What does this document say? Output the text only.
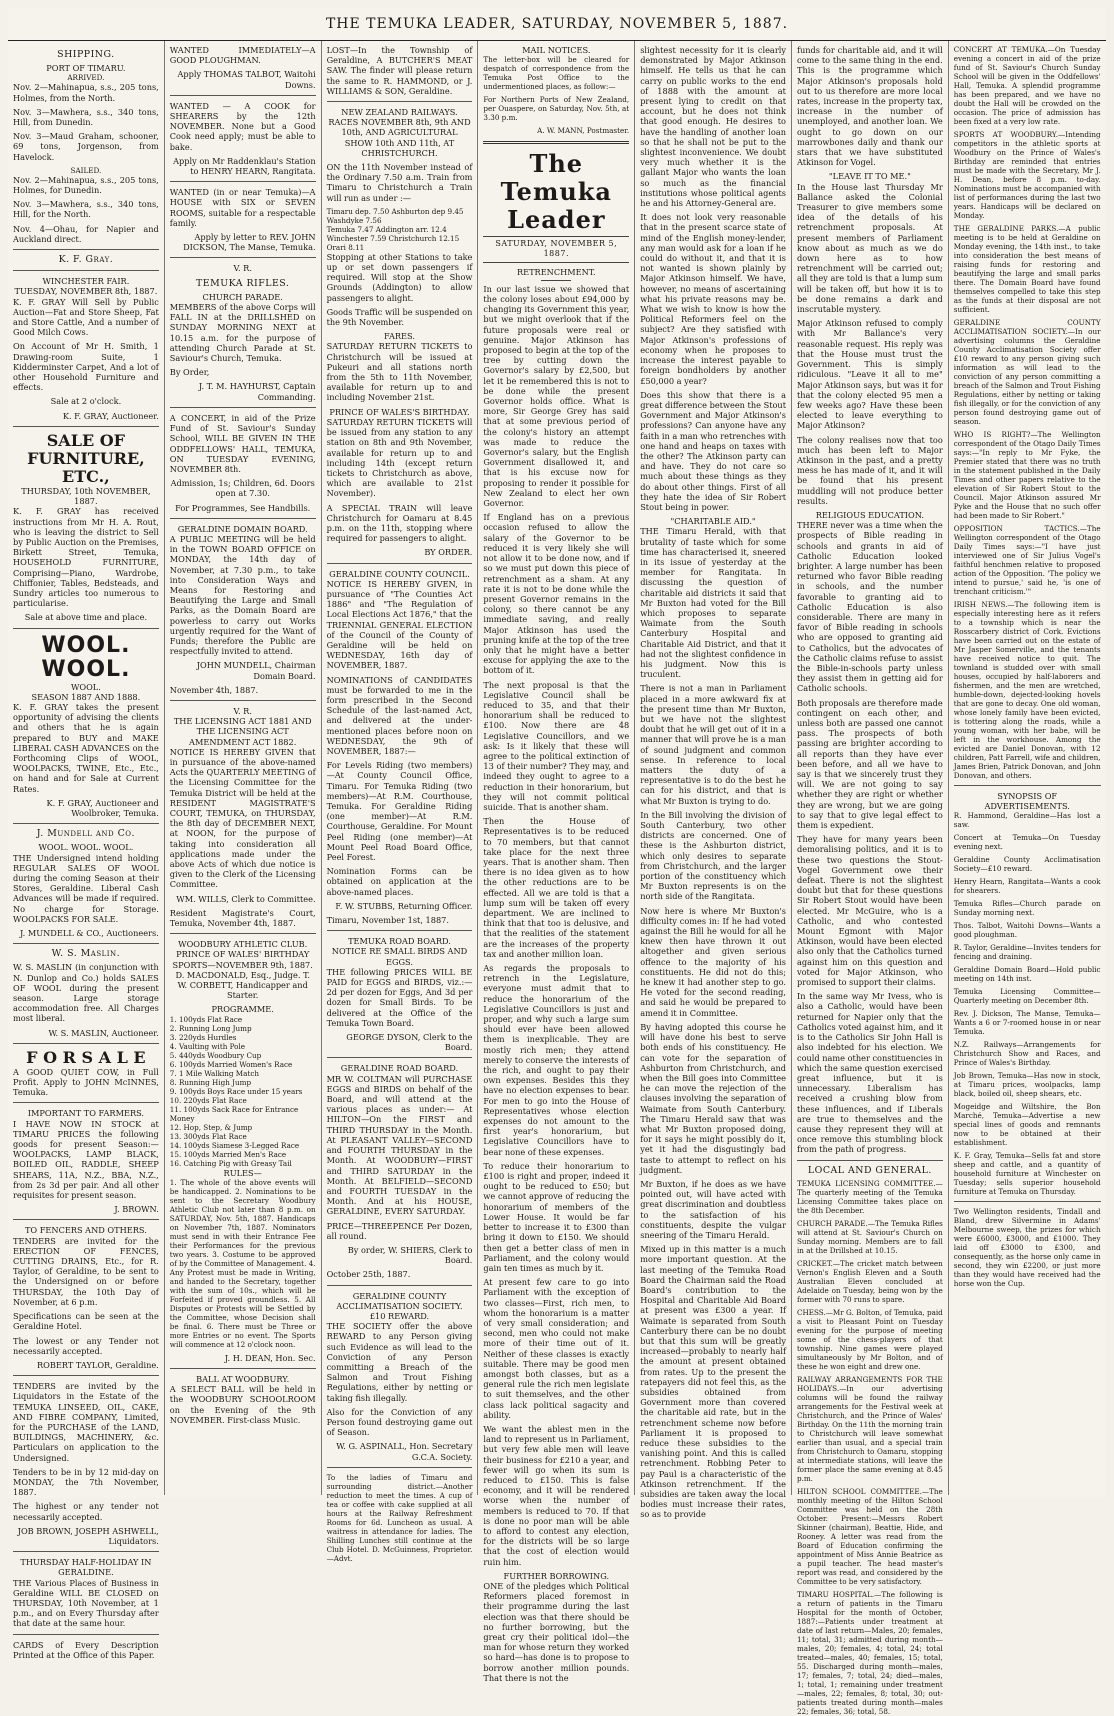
THE TEMUKA LEADER, SATURDAY, NOVEMBER 5, 1887.
SHIPPING.
PORT OF TIMARU.
ARRIVED.

Nov. 2—Mahinapua, s.s., 205 tons, Holmes, from the North.

Nov. 3—Mawhera, s.s., 340 tons, Hill, from Dunedin.

Nov. 3—Maud Graham, schooner, 69 tons, Jorgenson, from Havelock.

SAILED.

Nov. 2—Mahinapua, s.s., 205 tons, Holmes, for Dunedin.

Nov. 3—Mawhera, s.s., 340 tons, Hill, for the North.

Nov. 4—Ohau, for Napier and Auckland direct.

K. F. Gray.
WINCHESTER FAIR.
TUESDAY, NOVEMBER 8th, 1887.

K. F. GRAY Will Sell by Public Auction—Fat and Store Sheep, Fat and Store Cattle, And a number of Good Milch Cows.

On Account of Mr H. Smith, 1 Drawing-room Suite, 1 Kidderminster Carpet, And a lot of other Household Furniture and effects.

Sale at 2 o'clock.

K. F. GRAY, Auctioneer.

SALE OF FURNITURE, ETC.,
THURSDAY, 10th NOVEMBER, 1887.

K. F. GRAY has received instructions from Mr H. A. Rout, who is leaving the district to Sell by Public Auction on the Premises, Birkett Street, Temuka, HOUSEHOLD FURNITURE, Comprising—Piano, Wardrobe, Chiffonier, Tables, Bedsteads, and Sundry articles too numerous to particularise.

Sale at above time and place.

WOOL. WOOL.
WOOL.
SEASON 1887 AND 1888.

K. F. GRAY takes the present opportunity of advising the clients and others that he is again prepared to BUY and MAKE LIBERAL CASH ADVANCES on the Forthcoming Clips of WOOL, WOOLPACKS, TWINE, Etc., Etc., on hand and for Sale at Current Rates.

K. F. GRAY, Auctioneer and Woolbroker, Temuka.

J. Mundell and Co.
WOOL. WOOL. WOOL.

THE Undersigned intend holding REGULAR SALES OF WOOL during the coming Season at their Stores, Geraldine. Liberal Cash Advances will be made if required. No charge for Storage. WOOLPACKS FOR SALE.

J. MUNDELL & CO., Auctioneers.

W. S. Maslin.

W. S. MASLIN (in conjunction with N. Dunlop and Co.) holds SALES OF WOOL during the present season. Large storage accommodation free. All Charges most liberal.

W. S. MASLIN, Auctioneer.

F O R S A L E

A GOOD QUIET COW, in Full Profit. Apply to JOHN McINNES, Temuka.

IMPORTANT TO FARMERS.

I HAVE NOW IN STOCK at TIMARU PRICES the following goods for present Season:— WOOLPACKS, LAMP BLACK, BOILED OIL, RADDLE, SHEEP SHEARS, 11A, N.Z., BBA, N.Z., from 2s 3d per pair. And all other requisites for present season.

J. BROWN.

TO FENCERS AND OTHERS.

TENDERS are invited for the ERECTION OF FENCES, CUTTING DRAINS, Etc., for R. Taylor, of Geraldine, to be sent to the Undersigned on or before THURSDAY, the 10th Day of November, at 6 p.m.

Specifications can be seen at the Geraldine Hotel.

The lowest or any Tender not necessarily accepted.

ROBERT TAYLOR, Geraldine.

TENDERS are invited by the Liquidators in the Estate of the TEMUKA LINSEED, OIL, CAKE, AND FIBRE COMPANY, Limited, for the PURCHASE of the LAND, BUILDINGS, MACHINERY, &c. Particulars on application to the Undersigned.

Tenders to be in by 12 mid-day on MONDAY, the 7th November, 1887.

The highest or any tender not necessarily accepted.

JOB BROWN, JOSEPH ASHWELL, Liquidators.

THURSDAY HALF-HOLIDAY IN GERALDINE.

THE Various Places of Business in Geraldine WILL BE CLOSED on THURSDAY, 10th November, at 1 p.m., and on Every Thursday after that date at the same hour.

CARDS of Every Description Printed at the Office of this Paper.

WANTED IMMEDIATELY—A GOOD PLOUGHMAN.

Apply THOMAS TALBOT, Waitohi Downs.

WANTED — A COOK for SHEARERS by the 12th NOVEMBER. None but a Good Cook need apply; must be able to bake.

Apply on Mr Raddenklau's Station to HENRY HEARN, Rangitata.

WANTED (in or near Temuka)—A HOUSE with SIX or SEVEN ROOMS, suitable for a respectable family.

Apply by letter to REV. JOHN DICKSON, The Manse, Temuka.

V. R.
TEMUKA RIFLES.
CHURCH PARADE.

MEMBERS of the above Corps will FALL IN at the DRILLSHED on SUNDAY MORNING NEXT at 10.15 a.m. for the purpose of attending Church Parade at St. Saviour's Church, Temuka.

By Order,

J. T. M. HAYHURST, Captain Commanding.

A CONCERT, in aid of the Prize Fund of St. Saviour's Sunday School, WILL BE GIVEN IN THE ODDFELLOWS' HALL, TEMUKA, ON TUESDAY EVENING, NOVEMBER 8th.

Admission, 1s; Children, 6d. Doors open at 7.30.

For Programmes, See Handbills.

GERALDINE DOMAIN BOARD.

A PUBLIC MEETING will be held in the TOWN BOARD OFFICE on MONDAY, the 14th day of November, at 7.30 p.m., to take into Consideration Ways and Means for Restoring and Beautifying the Large and Small Parks, as the Domain Board are powerless to carry out Works urgently required for the Want of Funds; therefore the Public are respectfully invited to attend.

JOHN MUNDELL, Chairman Domain Board.

November 4th, 1887.

V. R.
THE LICENSING ACT 1881 AND THE LICENSING ACT AMENDMENT ACT 1882.

NOTICE IS HEREBY GIVEN that in pursuance of the above-named Acts the QUARTERLY MEETING of the Licensing Committee for the Temuka District will be held at the RESIDENT MAGISTRATE'S COURT, TEMUKA, on THURSDAY, the 8th day of DECEMBER NEXT, at NOON, for the purpose of taking into consideration all applications made under the above Acts of which due notice is given to the Clerk of the Licensing Committee.

WM. WILLS, Clerk to Committee.

Resident Magistrate's Court, Temuka, November 4th, 1887.

WOODBURY ATHLETIC CLUB.
PRINCE OF WALES' BIRTHDAY SPORTS—NOVEMBER 9th, 1887.

D. MACDONALD, Esq., Judge. T. W. CORBETT, Handicapper and Starter.

PROGRAMME.
1. 100yds Flat Race
2. Running Long Jump
3. 220yds Hurdles
4. Vaulting with Pole
5. 440yds Woodbury Cup
6. 100yds Married Women's Race
7. 1 Mile Walking Match
8. Running High Jump
9. 100yds Boys Race under 15 years
10. 220yds Flat Race
11. 100yds Sack Race for Entrance Money
12. Hop, Step, & Jump
13. 300yds Flat Race
14. 100yds Siamese 3-Legged Race
15. 100yds Married Men's Race
16. Catching Pig with Greasy Tail
RULES—

1. The whole of the above events will be handicapped. 2. Nominations to be sent to the Secretary Woodbury Athletic Club not later than 8 p.m. on SATURDAY, Nov. 5th, 1887. Handicaps on November 7th, 1887. Nominators must send in with their Entrance Fee their Performances for the previous two years. 3. Costume to be approved of by the Committee of Management. 4. Any Protest must be made in Writing, and handed to the Secretary, together with the sum of 10s., which will be Forfeited if proved groundless. 5. All Disputes or Protests will be Settled by the Committee, whose Decision shall be final. 6. There must be Three or more Entries or no event. The Sports will commence at 12 o'clock noon.

J. H. DEAN, Hon. Sec.

BALL AT WOODBURY.

A SELECT BALL will be held in the WOODBURY SCHOOLROOM on the Evening of the 9th NOVEMBER. First-class Music.

LOST—In the Township of Geraldine, A BUTCHER'S MEAT SAW. The finder will please return the same to R. HAMMOND, or J. WILLIAMS & SON, Geraldine.

NEW ZEALAND RAILWAYS.

RACES NOVEMBER 8th, 9th AND 10th, AND AGRICULTURAL SHOW 10th AND 11th, AT CHRISTCHURCH.

ON the 11th November instead of the Ordinary 7.50 a.m. Train from Timaru to Christchurch a Train will run as under :—

Timaru dep. 7.50 Ashburton dep 9.45
Washdyke 7.56
Temuka 7.47 Addington arr. 12.4
Winchester 7.59 Christchurch 12.15
Orari 8.11

Stopping at other Stations to take up or set down passengers if required. Will stop at the Show Grounds (Addington) to allow passengers to alight.

Goods Traffic will be suspended on the 9th November.

FARES.

SATURDAY RETURN TICKETS to Christchurch will be issued at Pukeuri and all stations north from the 5th to 11th November, available for return up to and including November 21st.

PRINCE OF WALES'S BIRTHDAY.

SATURDAY RETURN TICKETS will be issued from any station to any station on 8th and 9th November, available for return up to and including 14th (except return tickets to Christchurch as above, which are available to 21st November).

A SPECIAL TRAIN will leave Christchurch for Oamaru at 8.45 p.m. on the 11th, stopping where required for passengers to alight.

BY ORDER.

GERALDINE COUNTY COUNCIL.

NOTICE IS HEREBY GIVEN, in pursuance of "The Counties Act 1886" and "The Regulation of Local Elections Act 1876," that the TRIENNIAL GENERAL ELECTION of the Council of the County of Geraldine will be held on WEDNESDAY, 16th day of NOVEMBER, 1887.

NOMINATIONS of CANDIDATES must be forwarded to me in the form prescribed in the Second Schedule of the last-named Act, and delivered at the under-mentioned places before noon on WEDNESDAY, the 9th of NOVEMBER, 1887:—

For Levels Riding (two members)—At County Council Office, Timaru. For Temuka Riding (two members)—At R.M. Courthouse, Temuka. For Geraldine Riding (one member)—At R.M. Courthouse, Geraldine. For Mount Peel Riding (one member)—At Mount Peel Road Board Office, Peel Forest.

Nomination Forms can be obtained on application at the above-named places.

F. W. STUBBS, Returning Officer.

Timaru, November 1st, 1887.

TEMUKA ROAD BOARD.
NOTICE RE SMALL BIRDS AND EGGS.

THE following PRICES WILL BE PAID for EGGS and BIRDS, viz.:— 2d per dozen for Eggs, And 3d per dozen for Small Birds. To be delivered at the Office of the Temuka Town Board.

GEORGE DYSON, Clerk to the Board.

GERALDINE ROAD BOARD.

MR W. COLTMAN will PURCHASE EGGS and BIRDS on behalf of the Board, and will attend at the various places as under:— At HILTON—On the FIRST and THIRD THURSDAY in the Month. At PLEASANT VALLEY—SECOND and FOURTH THURSDAY in the Month. At WOODBURY—FIRST and THIRD SATURDAY in the Month. At BELFIELD—SECOND and FOURTH TUESDAY in the Month. And at his HOUSE, GERALDINE, EVERY SATURDAY.

PRICE—THREEPENCE Per Dozen, all round.

By order, W. SHIERS, Clerk to Board.

October 25th, 1887.

GERALDINE COUNTY ACCLIMATISATION SOCIETY.
£10 REWARD.

THE SOCIETY offer the above REWARD to any Person giving such Evidence as will lead to the Conviction of any Person committing a Breach of the Salmon and Trout Fishing Regulations, either by netting or taking fish illegally.

Also for the Conviction of any Person found destroying game out of Season.

W. G. ASPINALL, Hon. Secretary G.C.A. Society.

To the ladies of Timaru and surrounding district.—Another reduction to meet the times. A cup of tea or coffee with cake supplied at all hours at the Railway Refreshment Rooms for 6d. Luncheon as usual. A waitress in attendance for ladies. The Shilling Lunches still continue at the Club Hotel. D. McGuinness, Proprietor.—Advt.

MAIL NOTICES.

The letter-box will be cleared for despatch of correspondence from the Temuka Post Office to the undermentioned places, as follow:—

For Northern Ports of New Zealand, per Ouaspere, on Saturday, Nov. 5th, at 3.30 p.m.

A. W. MANN, Postmaster.

The Temuka Leader
SATURDAY, NOVEMBER 5, 1887.
RETRENCHMENT.

In our last issue we showed that the colony loses about £94,000 by changing its Government this year, but we might overlook that if the future proposals were real or genuine. Major Atkinson has proposed to begin at the top of the tree by cutting down the Governor's salary by £2,500, but let it be remembered this is not to be done while the present Governor holds office. What is more, Sir George Grey has said that at some previous period of the colony's history an attempt was made to reduce the Governor's salary, but the English Government disallowed it, and that is his excuse now for proposing to render it possible for New Zealand to elect her own Governor.

If England has on a previous occasion refused to allow the salary of the Governor to be reduced it is very likely she will not allow it to be done now, and if so we must put down this piece of retrenchment as a sham. At any rate it is not to be done while the present Governor remains in the colony, so there cannot be any immediate saving, and really Major Atkinson has used the pruning knife at the top of the tree only that he might have a better excuse for applying the axe to the bottom of it.

The next proposal is that the Legislative Council shall be reduced to 35, and that their honorarium shall be reduced to £100. Now there are 48 Legislative Councillors, and we ask: Is it likely that these will agree to the political extinction of 13 of their number? They may, and indeed they ought to agree to a reduction in their honorarium, but they will not commit political suicide. That is another sham.

Then the House of Representatives is to be reduced to 70 members, but that cannot take place for the next three years. That is another sham. Then there is no idea given as to how the other reductions are to be effected. All we are told is that a lump sum will be taken off every department. We are inclined to think that that too is delusive, and that the realities of the statement are the increases of the property tax and another million loan.

As regards the proposals to retrench in the Legislature, everyone must admit that to reduce the honorarium of the Legislative Councillors is just and proper, and why such a large sum should ever have been allowed them is inexplicable. They are mostly rich men; they attend merely to conserve the interests of the rich, and ought to pay their own expenses. Besides this they have no election expenses to bear. For men to go into the House of Representatives whose election expenses do not amount to the first year's honorarium, but Legislative Councillors have to bear none of these expenses.

To reduce their honorarium to £100 is right and proper, indeed it ought to be reduced to £50; but we cannot approve of reducing the honorarium of members of the Lower House. It would be far better to increase it to £300 than bring it down to £150. We should then get a better class of men in Parliament, and the colony would gain ten times as much by it.

At present few care to go into Parliament with the exception of two classes—First, rich men, to whom the honorarium is a matter of very small consideration; and second, men who could not make more of their time out of it. Neither of these classes is exactly suitable. There may be good men amongst both classes, but as a general rule the rich men legislate to suit themselves, and the other class lack political sagacity and ability.

We want the ablest men in the land to represent us in Parliament, but very few able men will leave their business for £210 a year, and fewer will go when its sum is reduced to £150. This is false economy, and it will be rendered worse when the number of members is reduced to 70. If that is done no poor man will be able to afford to contest any election, for the districts will be so large that the cost of election would ruin him.

FURTHER BORROWING.

ONE of the pledges which Political Reformers placed foremost in their programme during the last election was that there should be no further borrowing, but the great cry their political idol—the man for whose return they worked so hard—has done is to propose to borrow another million pounds. That there is not the

slightest necessity for it is clearly demonstrated by Major Atkinson himself. He tells us that he can carry on public works to the end of 1888 with the amount at present lying to credit on that account, but he does not think that good enough. He desires to have the handling of another loan so that he shall not be put to the slightest inconvenience. We doubt very much whether it is the gallant Major who wants the loan so much as the financial institutions whose political agents he and his Attorney-General are.

It does not look very reasonable that in the present scarce state of mind of the English money-lender, any man would ask for a loan if he could do without it, and that it is not wanted is shown plainly by Major Atkinson himself. We have, however, no means of ascertaining what his private reasons may be. What we wish to know is how the Political Reformers feel on the subject? Are they satisfied with Major Atkinson's professions of economy when he proposes to increase the interest payable to foreign bondholders by another £50,000 a year?

Does this show that there is a great difference between the Stout Government and Major Atkinson's professions? Can anyone have any faith in a man who retrenches with one hand and heaps on taxes with the other? The Atkinson party can and have. They do not care so much about these things as they do about other things. First of all they hate the idea of Sir Robert Stout being in power.

"CHARITABLE AID."

THE Timaru Herald, with that brutality of taste which for some time has characterised it, sneered in its issue of yesterday at the member for Rangitata. In discussing the question of charitable aid districts it said that Mr Buxton had voted for the Bill which proposes to separate Waimate from the South Canterbury Hospital and Charitable Aid District, and that it had not the slightest confidence in his judgment. Now this is truculent.

There is not a man in Parliament placed in a more awkward fix at the present time than Mr Buxton, but we have not the slightest doubt that he will get out of it in a manner that will prove he is a man of sound judgment and common sense. In reference to local matters the duty of a representative is to do the best he can for his district, and that is what Mr Buxton is trying to do.

In the Bill involving the division of South Canterbury, two other districts are concerned. One of these is the Ashburton district, which only desires to separate from Christchurch, and the larger portion of the constituency which Mr Buxton represents is on the north side of the Rangitata.

Now here is where Mr Buxton's difficulty comes in: If he had voted against the Bill he would for all he knew then have thrown it out altogether and given serious offence to the majority of his constituents. He did not do this; he knew it had another step to go. He voted for the second reading, and said he would be prepared to amend it in Committee.

By having adopted this course he will have done his best to serve both ends of his constituency. He can vote for the separation of Ashburton from Christchurch, and when the Bill goes into Committee he can move the rejection of the clauses involving the separation of Waimate from South Canterbury. The Timaru Herald saw that was what Mr Buxton proposed doing, for it says he might possibly do it, yet it had the disgustingly bad taste to attempt to reflect on his judgment.

Mr Buxton, if he does as we have pointed out, will have acted with great discrimination and doubtless to the satisfaction of his constituents, despite the vulgar sneering of the Timaru Herald.

Mixed up in this matter is a much more important question. At the last meeting of the Temuka Road Board the Chairman said the Road Board's contribution to the Hospital and Charitable Aid Board at present was £300 a year. If Waimate is separated from South Canterbury there can be no doubt but that this sum will be greatly increased—probably to nearly half the amount at present obtained from rates. Up to the present the ratepayers did not feel this, as the subsidies obtained from Government more than covered the charitable aid rate, but in the retrenchment scheme now before Parliament it is proposed to reduce these subsidies to the vanishing point. And this is called retrenchment. Robbing Peter to pay Paul is a characteristic of the Atkinson retrenchment. If the subsidies are taken away the local bodies must increase their rates, so as to provide

funds for charitable aid, and it will come to the same thing in the end. This is the programme which Major Atkinson's proposals hold out to us therefore are more local rates, increase in the property tax, increase in the number of unemployed, and another loan. We ought to go down on our marrowbones daily and thank our stars that we have substituted Atkinson for Vogel.

"LEAVE IT TO ME."

In the House last Thursday Mr Ballance asked the Colonial Treasurer to give members some idea of the details of his retrenchment proposals. At present members of Parliament know about as much as we do down here as to how retrenchment will be carried out; all they are told is that a lump sum will be taken off, but how it is to be done remains a dark and inscrutable mystery.

Major Atkinson refused to comply with Mr Ballance's very reasonable request. His reply was that the House must trust the Government. This is simply ridiculous. "Leave it all to me" Major Atkinson says, but was it for that the colony elected 95 men a few weeks ago? Have these been elected to leave everything to Major Atkinson?

The colony realises now that too much has been left to Major Atkinson in the past, and a pretty mess he has made of it, and it will be found that his present muddling will not produce better results.

RELIGIOUS EDUCATION.

THERE never was a time when the prospects of Bible reading in schools and grants in aid of Catholic Education looked brighter. A large number has been returned who favor Bible reading in schools, and the number favorable to granting aid to Catholic Education is also considerable. There are many in favor of Bible reading in schools who are opposed to granting aid to Catholics, but the advocates of the Catholic claims refuse to assist the Bible-in-schools party unless they assist them in getting aid for Catholic schools.

Both proposals are therefore made contingent on each other, and unless both are passed one cannot pass. The prospects of both passing are brighter according to all reports than they have ever been before, and all we have to say is that we sincerely trust they will. We are not going to say whether they are right or whether they are wrong, but we are going to say that to give legal effect to them is expedient.

They have for many years been demoralising politics, and it is to these two questions the Stout-Vogel Government owe their defeat. There is not the slightest doubt but that for these questions Sir Robert Stout would have been elected. Mr McGuire, who is a Catholic, and who contested Mount Egmont with Major Atkinson, would have been elected also only that the Catholics turned against him on this question and voted for Major Atkinson, who promised to support their claims.

In the same way Mr Ivess, who is also a Catholic, would have been returned for Napier only that the Catholics voted against him, and it is to the Catholics Sir John Hall is also indebted for his election. We could name other constituencies in which the same question exercised great influence, but it is unnecessary. Liberalism has received a crushing blow from these influences, and if Liberals are true to themselves and the cause they represent they will at once remove this stumbling block from the path of progress.

LOCAL AND GENERAL.

TEMUKA LICENSING COMMITTEE.—The quarterly meeting of the Temuka Licensing Committee takes place on the 8th December.

CHURCH PARADE.—The Temuka Rifles will attend at St. Saviour's Church on Sunday morning. Members are to fall in at the Drillshed at 10.15.

CRICKET.—The cricket match between Vernon's English Eleven and a South Australian Eleven concluded at Adelaide on Tuesday, being won by the former with 70 runs to spare.

CHESS.—Mr G. Bolton, of Temuka, paid a visit to Pleasant Point on Tuesday evening for the purpose of meeting some of the chess-players of that township. Nine games were played simultaneously by Mr Bolton, and of these he won eight and drew one.

RAILWAY ARRANGEMENTS FOR THE HOLIDAYS.—In our advertising columns will be found the railway arrangements for the Festival week at Christchurch, and the Prince of Wales' Birthday. On the 11th the morning train to Christchurch will leave somewhat earlier than usual, and a special train from Christchurch to Oamaru, stopping at intermediate stations, will leave the former place the same evening at 8.45 p.m.

HILTON SCHOOL COMMITTEE.—The monthly meeting of the Hilton School Committee was held on the 28th October. Present:—Messrs Robert Skinner (chairman), Beattie, Hide, and Rooney. A letter was read from the Board of Education confirming the appointment of Miss Annie Beatrice as a pupil teacher. The head master's report was read, and considered by the Committee to be very satisfactory.

TIMARU HOSPITAL.—The following is a return of patients in the Timaru Hospital for the month of October, 1887:—Patients under treatment at date of last return—Males, 20; females, 11; total, 31; admitted during month—males, 20; females, 4; total, 24; total treated—males, 40; females, 15; total, 55. Discharged during month—males, 17; females, 7; total, 24; died—males, 1; total, 1; remaining under treatment—males, 22; females, 8; total, 30; out-patients treated during month—males 22; females, 36; total, 58.

CONCERT AT TEMUKA.—On Tuesday evening a concert in aid of the prize fund of St. Saviour's Church Sunday School will be given in the Oddfellows' Hall, Temuka. A splendid programme has been prepared, and we have no doubt the Hall will be crowded on the occasion. The price of admission has been fixed at a very low rate.

SPORTS AT WOODBURY.—Intending competitors in the athletic sports at Woodbury on the Prince of Wales's Birthday are reminded that entries must be made with the Secretary, Mr J. H. Dean, before 8 p.m. to-day. Nominations must be accompanied with list of performances during the last two years. Handicaps will be declared on Monday.

THE GERALDINE PARKS.—A public meeting is to be held at Geraldine on Monday evening, the 14th inst., to take into consideration the best means of raising funds for restoring and beautifying the large and small parks there. The Domain Board have found themselves compelled to take this step as the funds at their disposal are not sufficient.

GERALDINE COUNTY ACCLIMATISATION SOCIETY.—In our advertising columns the Geraldine County Acclimatisation Society offer £10 reward to any person giving such information as will lead to the conviction of any person committing a breach of the Salmon and Trout Fishing Regulations, either by netting or taking fish illegally, or for the conviction of any person found destroying game out of season.

WHO IS RIGHT?—The Wellington correspondent of the Otago Daily Times says:—"In reply to Mr Fyke, the Premier stated that there was no truth in the statement published in the Daily Times and other papers relative to the elevation of Sir Robert Stout to the Council. Major Atkinson assured Mr Pyke and the House that no such offer had been made to Sir Robert."

OPPOSITION TACTICS.—The Wellington correspondent of the Otago Daily Times says:—"I have just interviewed one of Sir Julius Vogel's faithful henchmen relative to proposed action of the Opposition. 'The policy we intend to pursue,' said he, 'is one of trenchant criticism.'"

IRISH NEWS.—The following item is especially interesting here as it refers to a township which is near the Rosscarbery district of Cork. Evictions have been carried out on the estate of Mr Jasper Somerville, and the tenants have received notice to quit. The townland is studded over with small houses, occupied by half-laborers and fishermen, and the men are wretched, humble-down, dejected-looking hovels that are gone to decay. One old woman, whose lonely family have been evicted, is tottering along the roads, while a young woman, with her babe, will be left in the workhouse. Among the evicted are Daniel Donovan, with 12 children, Patt Farrell, wife and children, James Brien, Patrick Donovan, and John Donovan, and others.

SYNOPSIS OF ADVERTISEMENTS.

R. Hammond, Geraldine—Has lost a saw.

Concert at Temuka—On Tuesday evening next.

Geraldine County Acclimatisation Society—£10 reward.

Henry Hearn, Rangitata—Wants a cook for shearers.

Temuka Rifles—Church parade on Sunday morning next.

Thos. Talbot, Waitohi Downs—Wants a good ploughman.

R. Taylor, Geraldine—Invites tenders for fencing and draining.

Geraldine Domain Board—Hold public meeting on 14th inst.

Temuka Licensing Committee—Quarterly meeting on December 8th.

Rev. J. Dickson, The Manse, Temuka—Wants a 6 or 7-roomed house in or near Temuka.

N.Z. Railways—Arrangements for Christchurch Show and Races, and Prince of Wales's Birthday.

Job Brown, Temuka—Has now in stock, at Timaru prices, woolpacks, lamp black, boiled oil, sheep shears, etc.

Mogeidge and Wiltshire, the Bon Marché, Temuka—Advertise a new special lines of goods and remnants now to be obtained at their establishment.

K. F. Gray, Temuka—Sells fat and store sheep and cattle, and a quantity of household furniture at Winchester on Tuesday; sells superior household furniture at Temuka on Thursday.

Two Wellington residents, Tindall and Bland, drew Silvermine in Adams' Melbourne sweep, the prizes for which were £6000, £3000, and £1000. They laid off £3000 to £300, and consequently, as the horse only came in second, they win £2200, or just more than they would have received had the horse won the Cup.
